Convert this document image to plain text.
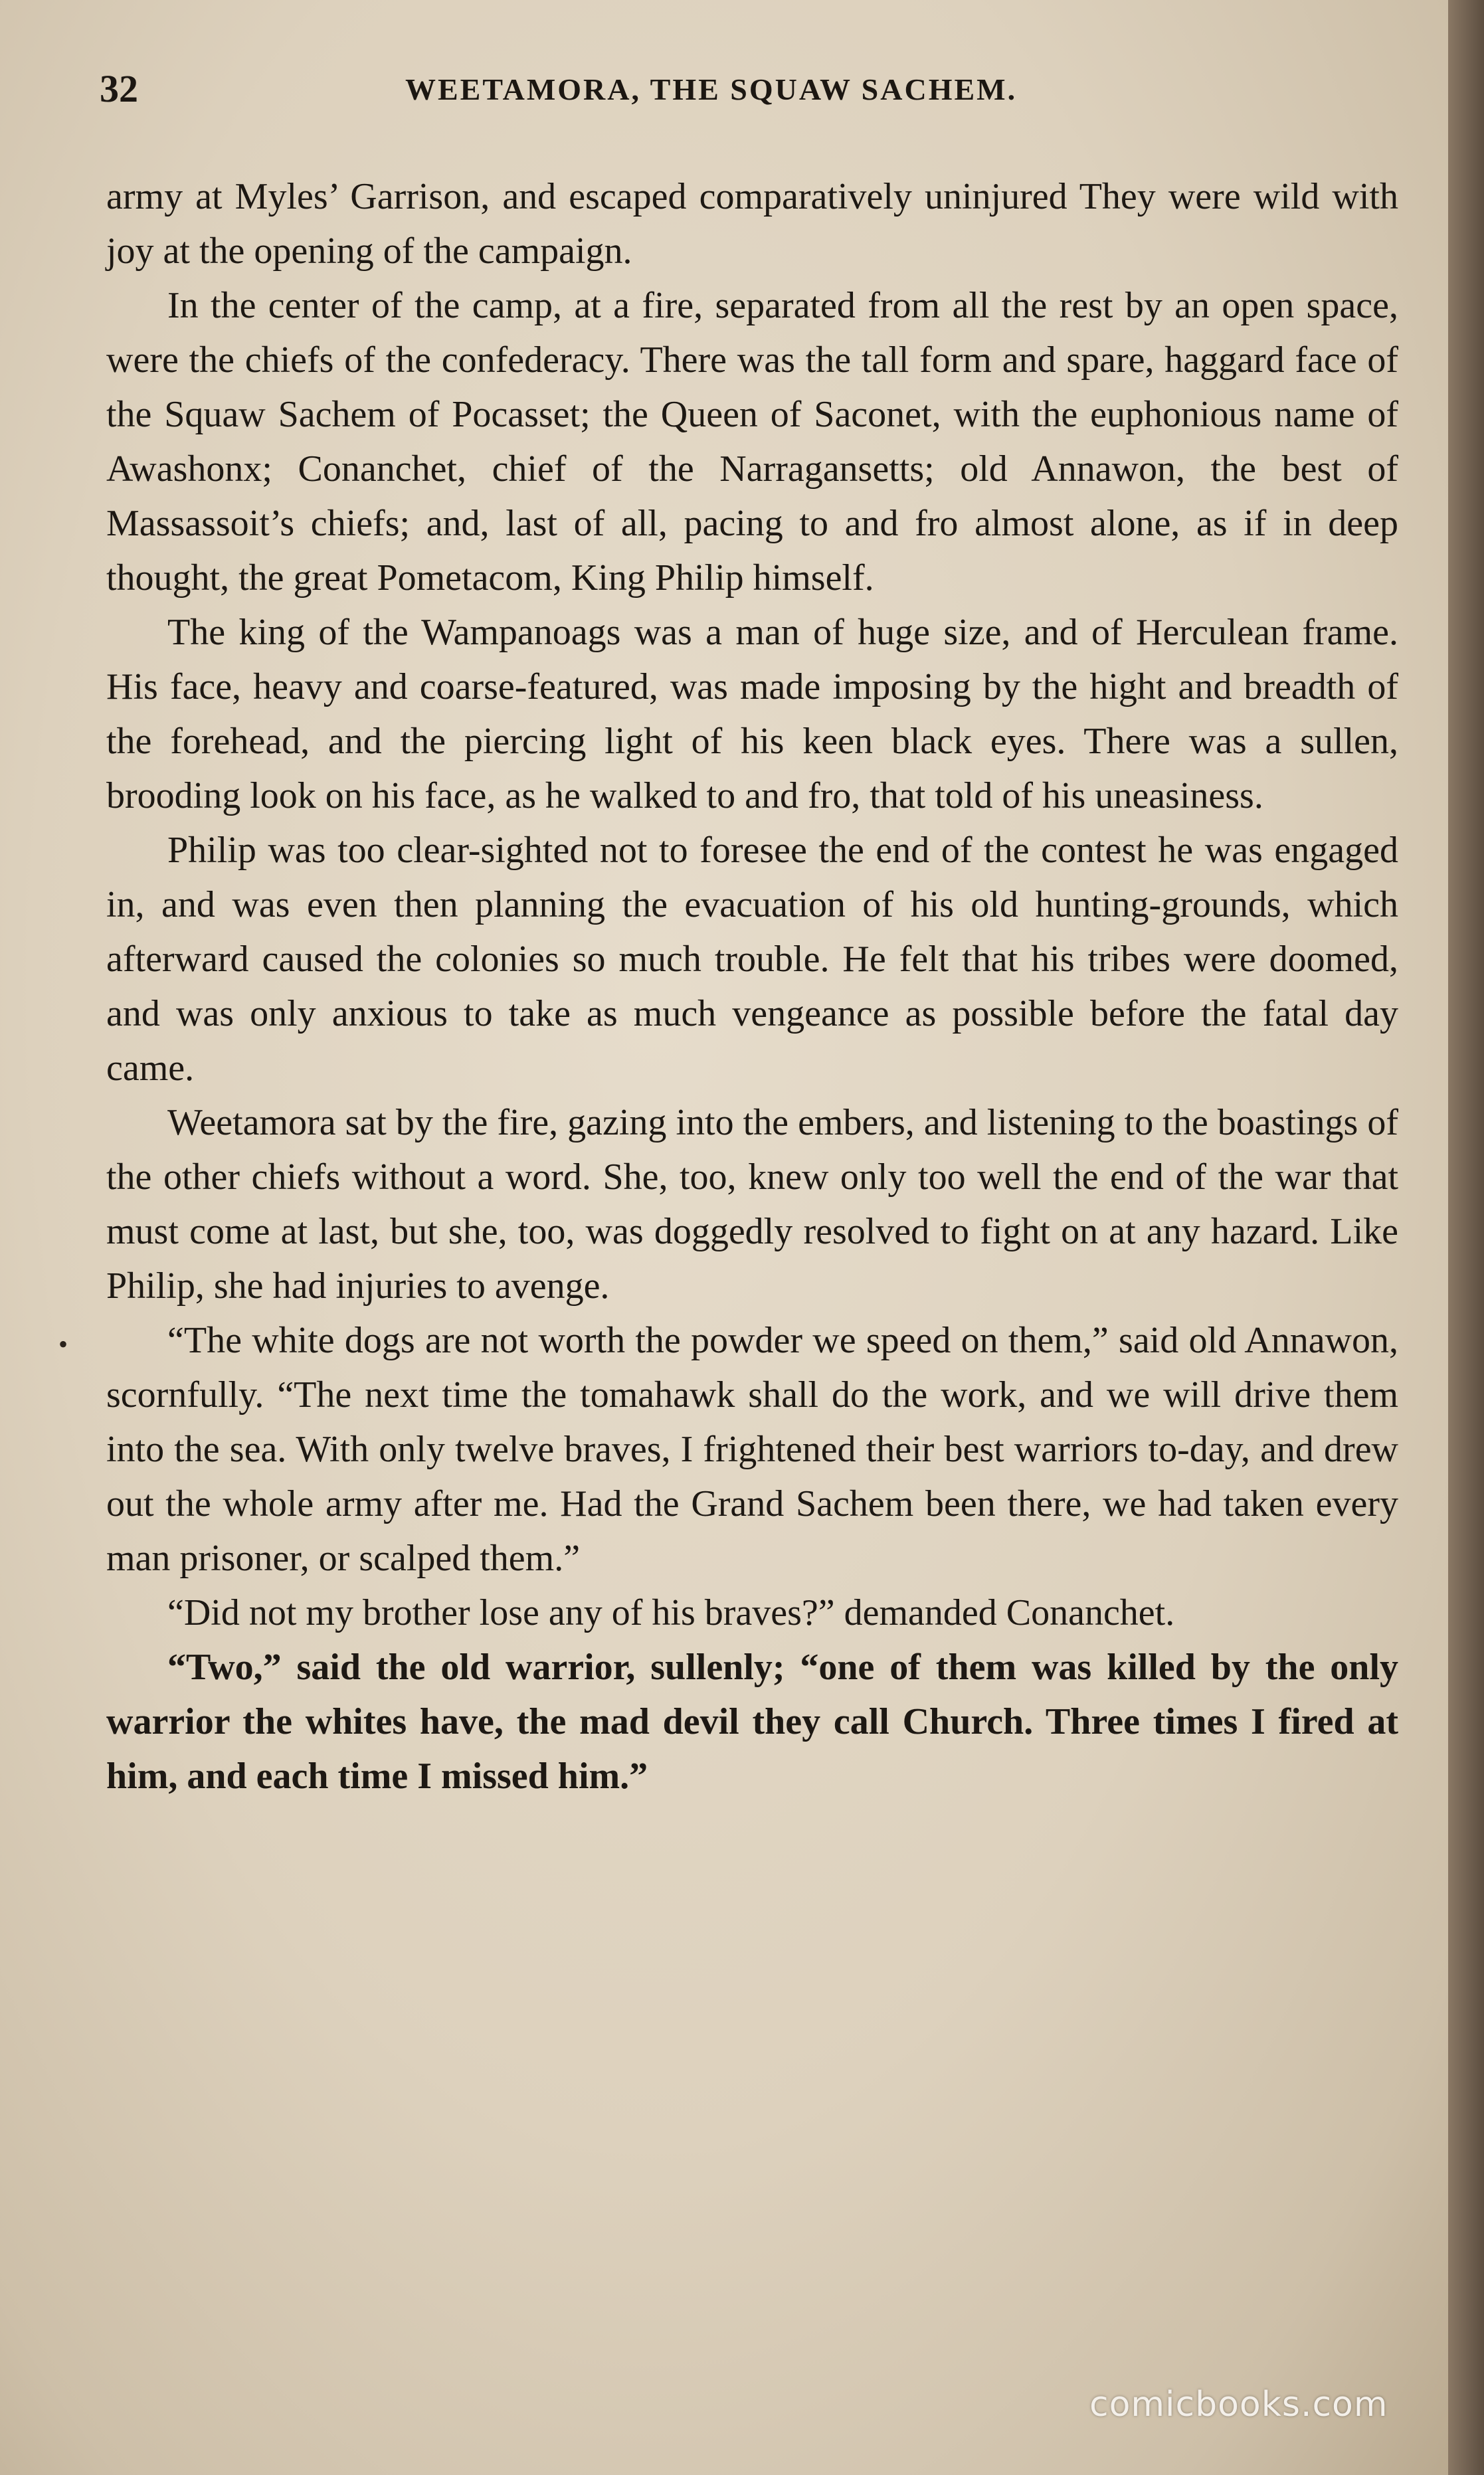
32	WEETAMORA, THE SQUAW SACHEM.

army at Myles’ Garrison, and escaped comparatively uninjured They were wild with joy at the opening of the campaign.

In the center of the camp, at a fire, separated from all the rest by an open space, were the chiefs of the confederacy. There was the tall form and spare, haggard face of the Squaw Sachem of Pocasset; the Queen of Saconet, with the euphonious name of Awashonx; Conanchet, chief of the Narragansetts; old Annawon, the best of Massassoit’s chiefs; and, last of all, pacing to and fro almost alone, as if in deep thought, the great Pometacom, King Philip himself.

The king of the Wampanoags was a man of huge size, and of Herculean frame. His face, heavy and coarse-featured, was made imposing by the hight and breadth of the forehead, and the piercing light of his keen black eyes. There was a sullen, brooding look on his face, as he walked to and fro, that told of his uneasiness.

Philip was too clear-sighted not to foresee the end of the contest he was engaged in, and was even then planning the evacuation of his old hunting-grounds, which afterward caused the colonies so much trouble. He felt that his tribes were doomed, and was only anxious to take as much vengeance as possible before the fatal day came.

Weetamora sat by the fire, gazing into the embers, and listening to the boastings of the other chiefs without a word. She, too, knew only too well the end of the war that must come at last, but she, too, was doggedly resolved to fight on at any hazard. Like Philip, she had injuries to avenge.

“The white dogs are not worth the powder we speed on them,” said old Annawon, scornfully. “The next time the tomahawk shall do the work, and we will drive them into the sea. With only twelve braves, I frightened their best warriors to-day, and drew out the whole army after me. Had the Grand Sachem been there, we had taken every man prisoner, or scalped them.”

“Did not my brother lose any of his braves?” demanded Conanchet.

“Two,” said the old warrior, sullenly; “one of them was killed by the only warrior the whites have, the mad devil they call Church. Three times I fired at him, and each time I missed him.”

•
comicbooks.com
